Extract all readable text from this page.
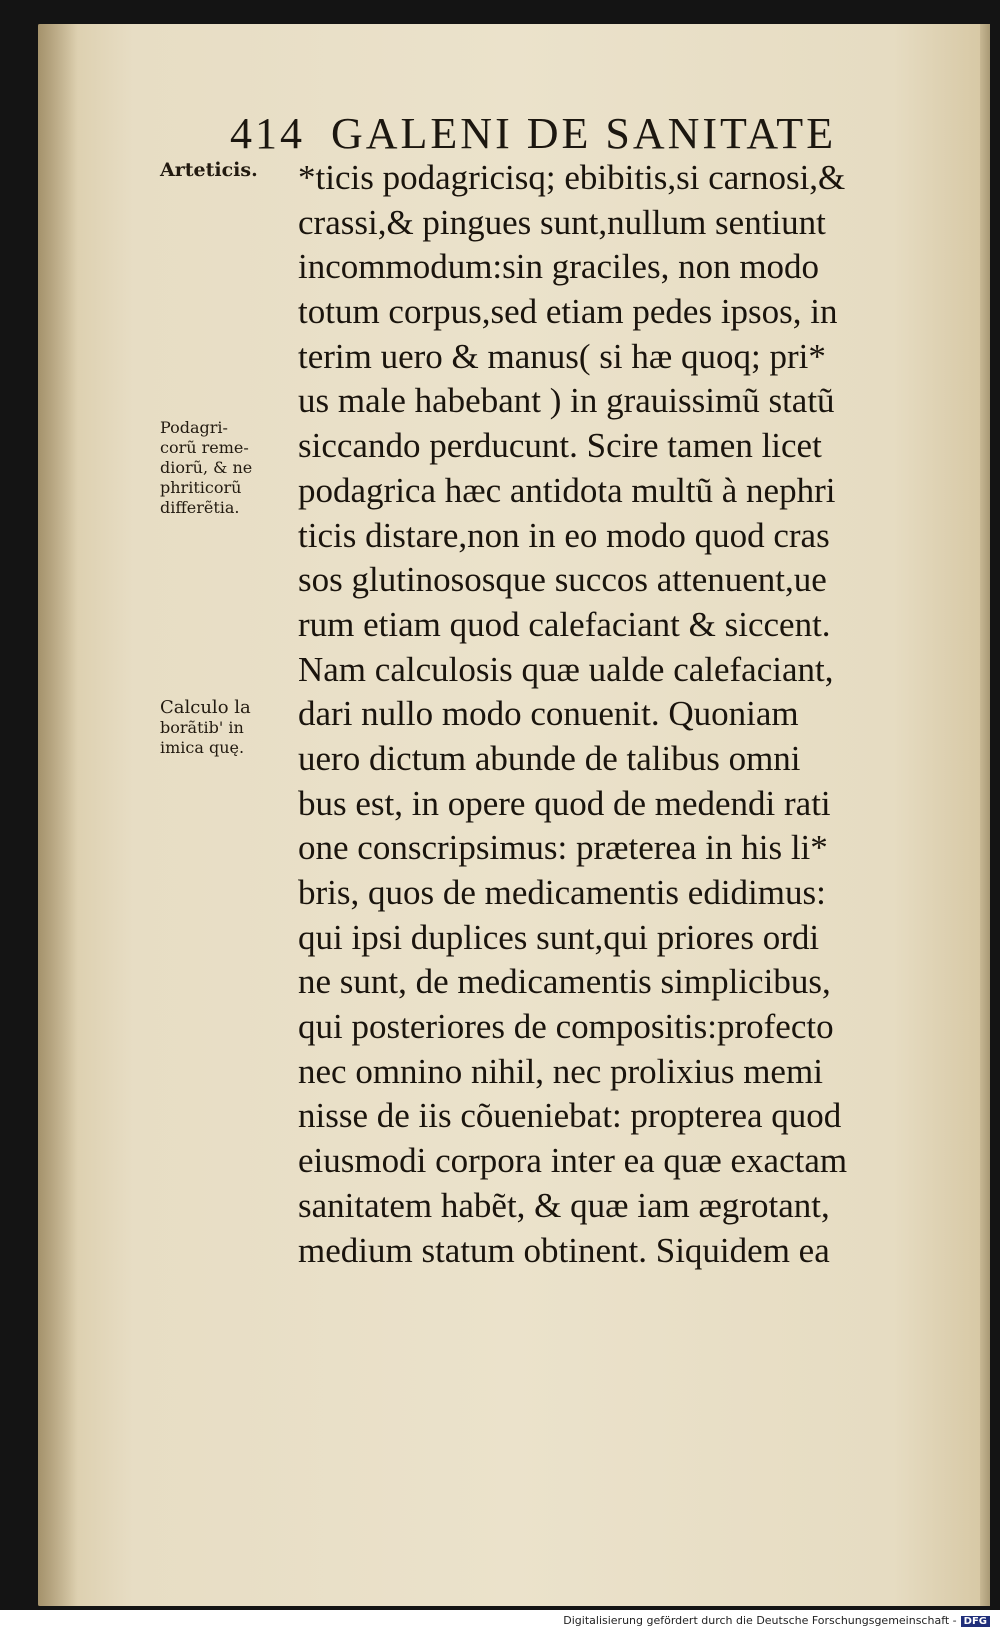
414 GALENI DE SANITATE
Arteticis.
Podagri-
corũ reme-
diorũ, & ne
phriticorũ
differẽtia.
Calculo la
borãtib' in
imica quę.
*ticis podagricisq; ebibitis,si carnosi,&
crassi,& pingues sunt,nullum sentiunt
incommodum:sin graciles, non modo
totum corpus,sed etiam pedes ipsos, in
terim uero & manus( si hæ quoq; pri*
us male habebant ) in grauissimũ statũ
siccando perducunt. Scire tamen licet
podagrica hæc antidota multũ à nephri
ticis distare,non in eo modo quod cras
sos glutinososque succos attenuent,ue
rum etiam quod calefaciant & siccent.
Nam calculosis quæ ualde calefaciant,
dari nullo modo conuenit. Quoniam
uero dictum abunde de talibus omni
bus est, in opere quod de medendi rati
one conscripsimus: præterea in his li*
bris, quos de medicamentis edidimus:
qui ipsi duplices sunt,qui priores ordi
ne sunt, de medicamentis simplicibus,
qui posteriores de compositis:profecto
nec omnino nihil, nec prolixius memi
nisse de iis cõueniebat: propterea quod
eiusmodi corpora inter ea quæ exactam
sanitatem habẽt, & quæ iam ægrotant,
medium statum obtinent. Siquidem ea
Digitalisierung gefördert durch die Deutsche Forschungsgemeinschaft - DFG
